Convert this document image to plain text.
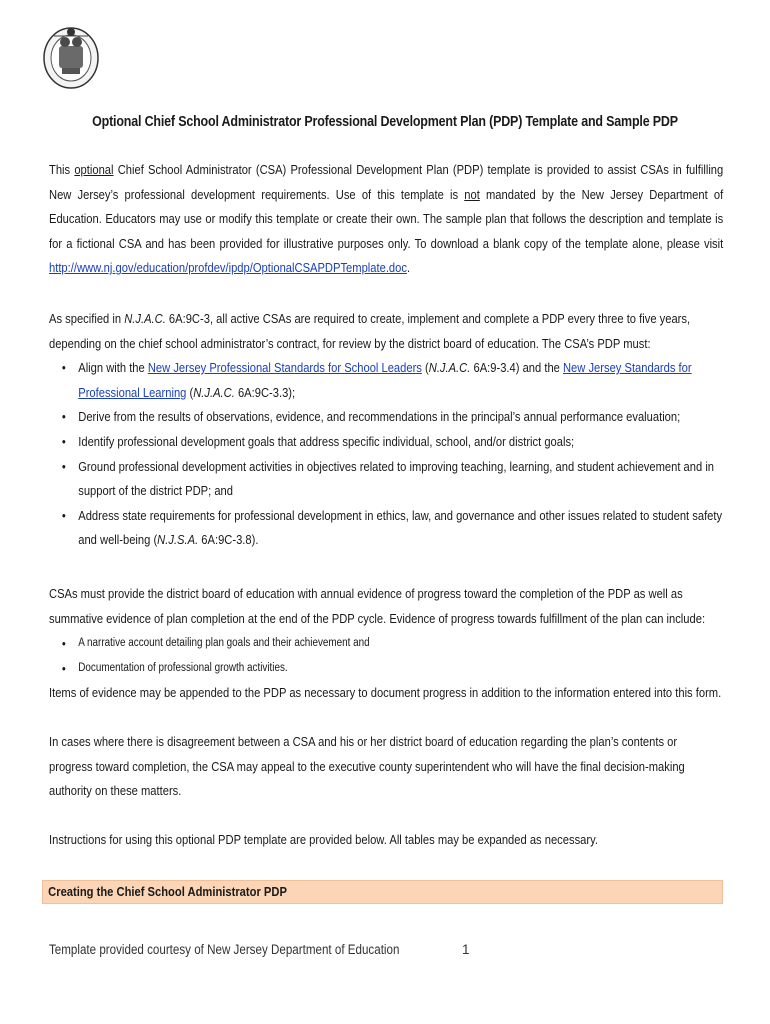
Optional Chief School Administrator Professional Development Plan (PDP) Template and Sample PDP
This optional Chief School Administrator (CSA) Professional Development Plan (PDP) template is provided to assist CSAs in fulfilling New Jersey’s professional development requirements. Use of this template is not mandated by the New Jersey Department of Education. Educators may use or modify this template or create their own. The sample plan that follows the description and template is for a fictional CSA and has been provided for illustrative purposes only. To download a blank copy of the template alone, please visit http://www.nj.gov/education/profdev/ipdp/OptionalCSAPDPTemplate.doc.
As specified in N.J.A.C. 6A:9C-3, all active CSAs are required to create, implement and complete a PDP every three to five years, depending on the chief school administrator’s contract, for review by the district board of education. The CSA’s PDP must:
• Align with the New Jersey Professional Standards for School Leaders (N.J.A.C. 6A:9-3.4) and the New Jersey Standards for Professional Learning (N.J.A.C. 6A:9C-3.3);
• Derive from the results of observations, evidence, and recommendations in the principal’s annual performance evaluation;
• Identify professional development goals that address specific individual, school, and/or district goals;
• Ground professional development activities in objectives related to improving teaching, learning, and student achievement and in support of the district PDP; and
• Address state requirements for professional development in ethics, law, and governance and other issues related to student safety and well-being (N.J.S.A. 6A:9C-3.8).
CSAs must provide the district board of education with annual evidence of progress toward the completion of the PDP as well as summative evidence of plan completion at the end of the PDP cycle. Evidence of progress towards fulfillment of the plan can include:
• A narrative account detailing plan goals and their achievement and
• Documentation of professional growth activities.
Items of evidence may be appended to the PDP as necessary to document progress in addition to the information entered into this form.
In cases where there is disagreement between a CSA and his or her district board of education regarding the plan’s contents or progress toward completion, the CSA may appeal to the executive county superintendent who will have the final decision-making authority on these matters.
Instructions for using this optional PDP template are provided below. All tables may be expanded as necessary.
Creating the Chief School Administrator PDP
Template provided courtesy of New Jersey Department of Education	1
